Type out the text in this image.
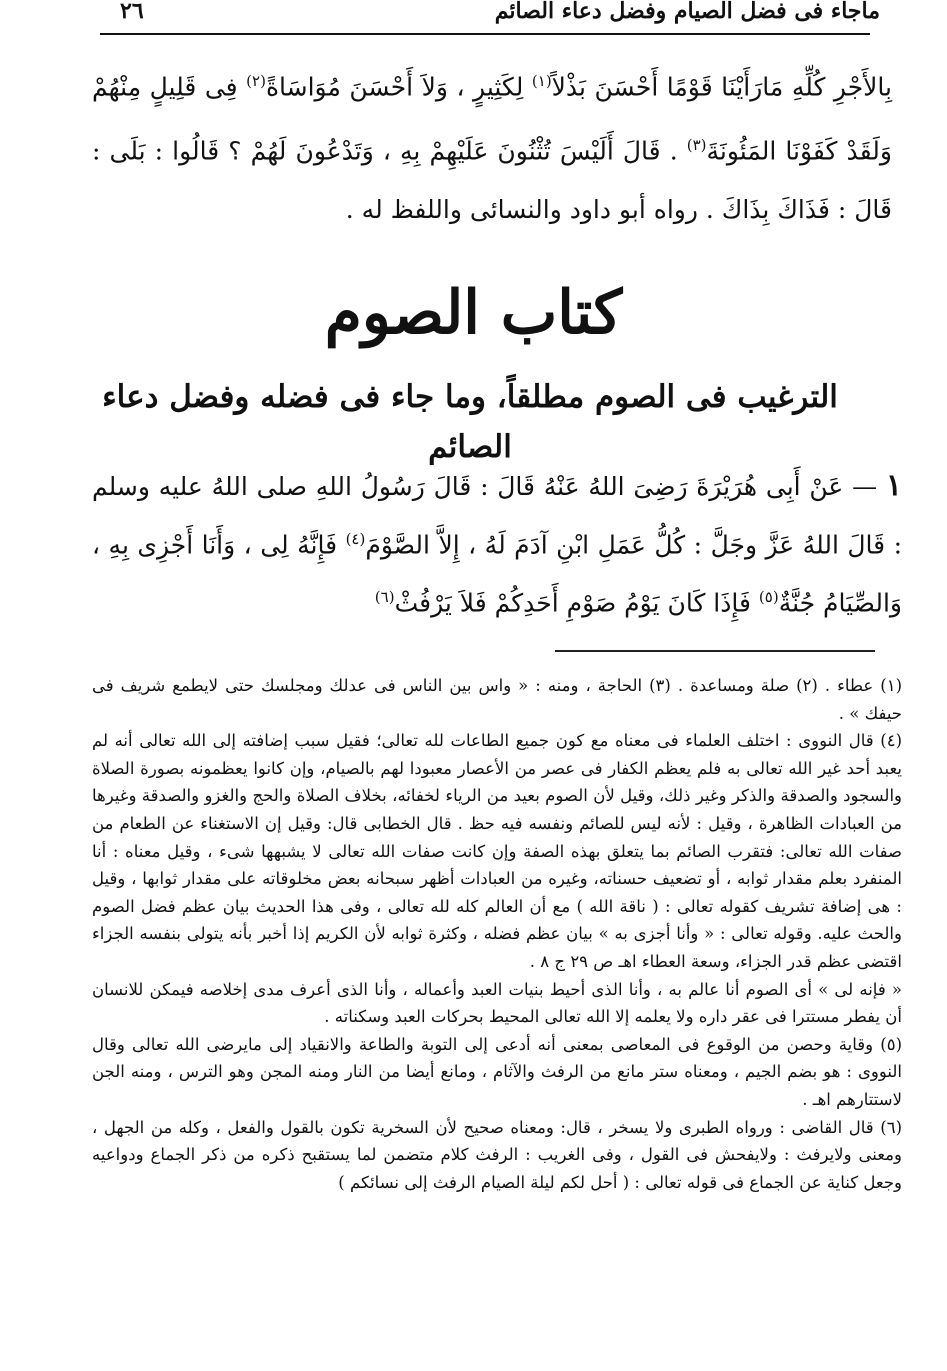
ماجاء فى فضل الصيام وفضل دعاء الصائم
٢٦

بِالأَجْرِ كُلِّهِ مَارَأَيْنَا قَوْمًا أَحْسَنَ بَذْلاً$^{(١)}$ لِكَثِيرٍ ، وَلاَ أَحْسَنَ مُوَاسَاةً$^{(٢)}$ فِى قَلِيلٍ مِنْهُمْ وَلَقَدْ كَفَوْنَا المَئُونَةَ$^{(٣)}$ . قَالَ أَلَيْسَ تُثْنُونَ عَلَيْهِمْ بِهِ ، وَتَدْعُونَ لَهُمْ ؟ قَالُوا : بَلَى : قَالَ : فَذَاكَ بِذَاكَ . رواه أبو داود والنسائى واللفظ له .

كتاب الصوم
الترغيب فى الصوم مطلقاً، وما جاء فى فضله وفضل دعاء الصائم

١ — عَنْ أَبِى هُرَيْرَةَ رَضِىَ اللهُ عَنْهُ قَالَ : قَالَ رَسُولُ اللهِ صلى اللهُ عليه وسلم : قَالَ اللهُ عَزَّ وجَلَّ : كُلُّ عَمَلِ ابْنِ آدَمَ لَهُ ، إِلاَّ الصَّوْمَ$^{(٤)}$ فَإِنَّهُ لِى ، وَأَنَا أَجْزِى بِهِ ، وَالصِّيَامُ جُنَّةٌ$^{(٥)}$ فَإِذَا كَانَ يَوْمُ صَوْمِ أَحَدِكُمْ فَلاَ يَرْفُثْ$^{(٦)}$

(١) عطاء . (٢) صلة ومساعدة . (٣) الحاجة ، ومنه : « واس بين الناس فى عدلك ومجلسك حتى لايطمع شريف فى حيفك » .

(٤) قال النووى : اختلف العلماء فى معناه مع كون جميع الطاعات لله تعالى؛ فقيل سبب إضافته إلى الله تعالى أنه لم يعبد أحد غير الله تعالى به فلم يعظم الكفار فى عصر من الأعصار معبودا لهم بالصيام، وإن كانوا يعظمونه بصورة الصلاة والسجود والصدقة والذكر وغير ذلك، وقيل لأن الصوم بعيد من الرياء لخفائه، بخلاف الصلاة والحج والغزو والصدقة وغيرها من العبادات الظاهرة ، وقيل : لأنه ليس للصائم ونفسه فيه حظ . قال الخطابى قال: وقيل إن الاستغناء عن الطعام من صفات الله تعالى: فتقرب الصائم بما يتعلق بهذه الصفة وإن كانت صفات الله تعالى لا يشبهها شىء ، وقيل معناه : أنا المنفرد بعلم مقدار ثوابه ، أو تضعيف حسناته، وغيره من العبادات أظهر سبحانه بعض مخلوقاته على مقدار ثوابها ، وقيل : هى إضافة تشريف كقوله تعالى : ( ناقة الله ) مع أن العالم كله لله تعالى ، وفى هذا الحديث بيان عظم فضل الصوم والحث عليه. وقوله تعالى : « وأنا أجزى به » بيان عظم فضله ، وكثرة ثوابه لأن الكريم إذا أخبر بأنه يتولى بنفسه الجزاء اقتضى عظم قدر الجزاء، وسعة العطاء اهـ ص ٢٩ ج ٨ .

« فإنه لى » أى الصوم أنا عالم به ، وأنا الذى أحيط بنيات العبد وأعماله ، وأنا الذى أعرف مدى إخلاصه فيمكن للانسان أن يفطر مستترا فى عقر داره ولا يعلمه إلا الله تعالى المحيط بحركات العبد وسكناته .

(٥) وقاية وحصن من الوقوع فى المعاصى بمعنى أنه أدعى إلى التوبة والطاعة والانقياد إلى مايرضى الله تعالى وقال النووى : هو بضم الجيم ، ومعناه ستر مانع من الرفث والآثام ، ومانع أيضا من النار ومنه المجن وهو الترس ، ومنه الجن لاستتارهم اهـ .

(٦) قال القاضى : ورواه الطبرى ولا يسخر ، قال: ومعناه صحيح لأن السخرية تكون بالقول والفعل ، وكله من الجهل ، ومعنى ولايرفث : ولايفحش فى القول ، وفى الغريب : الرفث كلام متضمن لما يستقبح ذكره من ذكر الجماع ودواعيه وجعل كناية عن الجماع فى قوله تعالى : ( أحل لكم ليلة الصيام الرفث إلى نسائكم )
